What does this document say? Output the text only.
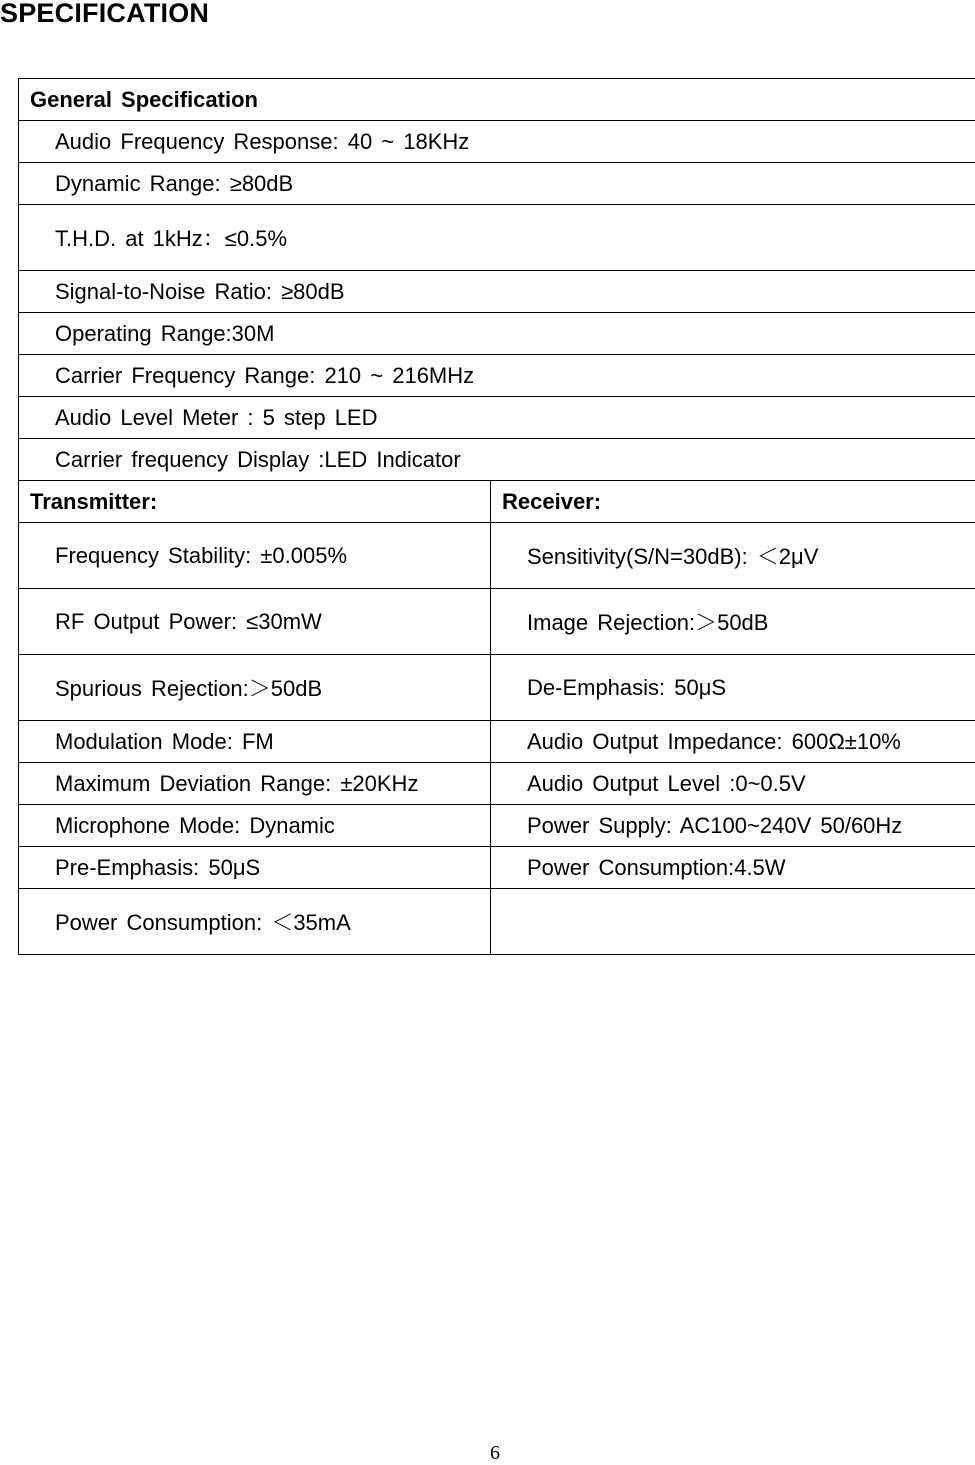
SPECIFICATION
General Specification	
Audio Frequency Response: 40 ~ 18KHz	
Dynamic Range: ≥80dB	
T.H.D. at 1kHz：≤0.5%	
Signal-to-Noise Ratio: ≥80dB	
Operating Range:30M	
Carrier Frequency Range: 210 ~ 216MHz	
Audio Level Meter : 5 step LED	
Carrier frequency Display :LED Indicator	
Transmitter:	Receiver:
Frequency Stability: ±0.005%	Sensitivity(S/N=30dB): ＜2μV
RF Output Power: ≤30mW	Image Rejection:＞50dB
Spurious Rejection:＞50dB	De-Emphasis: 50μS
Modulation Mode: FM	Audio Output Impedance: 600Ω±10%
Maximum Deviation Range: ±20KHz	Audio Output Level :0~0.5V
Microphone Mode: Dynamic	Power Supply: AC100~240V 50/60Hz
Pre-Emphasis: 50μS	Power Consumption:4.5W
Power Consumption: ＜35mA	
6
